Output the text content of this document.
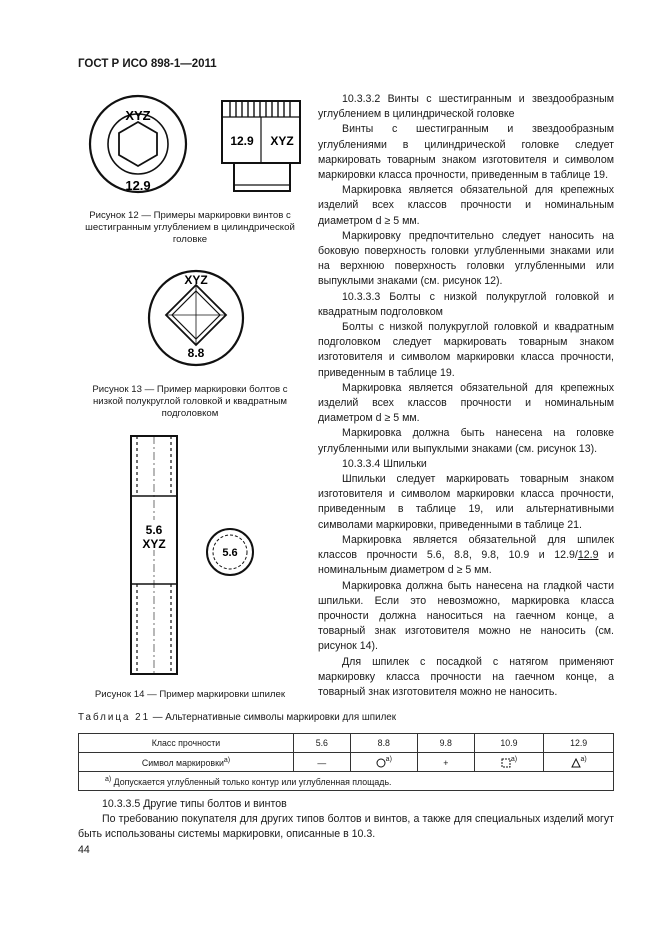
ГОСТ Р ИСО 898-1—2011
XYZ
12.9
12.9 XYZ
Рисунок 12 — Примеры маркировки винтов с шестигранным углублением в цилиндрической головке
XYZ
8.8
Рисунок 13 — Пример маркировки болтов с низкой полукруглой головкой и квадратным подголовком
5.6
XYZ
5.6
Рисунок 14 — Пример маркировки шпилек

10.3.3.2 Винты с шестигранным и звездообразным углублением в цилиндрической головке

Винты с шестигранным и звездообразным углублениями в цилиндрической головке следует маркировать товарным знаком изготовителя и символом маркировки класса прочности, приведенным в таблице 19.

Маркировка является обязательной для крепежных изделий всех классов прочности и номинальным диаметром d ≥ 5 мм.

Маркировку предпочтительно следует наносить на боковую поверхность головки углубленными знаками или на верхнюю поверхность головки углубленными или выпуклыми знаками (см. рисунок 12).

10.3.3.3 Болты с низкой полукруглой головкой и квадратным подголовком

Болты с низкой полукруглой головкой и квадратным подголовком следует маркировать товарным знаком изготовителя и символом маркировки класса прочности, приведенным в таблице 19.

Маркировка является обязательной для крепежных изделий всех классов прочности и номинальным диаметром d ≥ 5 мм.

Маркировка должна быть нанесена на головке углубленными или выпуклыми знаками (см. рисунок 13).

10.3.3.4 Шпильки

Шпильки следует маркировать товарным знаком изготовителя и символом маркировки класса прочности, приведенным в таблице 19, или альтернативными символами маркировки, приведенными в таблице 21.

Маркировка является обязательной для шпилек классов прочности 5.6, 8.8, 9.8, 10.9 и 12.9/12.9 и номинальным диаметром d ≥ 5 мм.

Маркировка должна быть нанесена на гладкой части шпильки. Если это невозможно, маркировка класса прочности должна наноситься на гаечном конце, а товарный знак изготовителя можно не наносить (см. рисунок 14).

Для шпилек с посадкой с натягом применяют маркировку класса прочности на гаечном конце, а товарный знак изготовителя можно не наносить.

Таблица 21 — Альтернативные символы маркировки для шпилек
Класс прочности	5.6	8.8	9.8	10.9	12.9
Символ маркировки$^{a)}$	—	$^{a)}$	+	$^{a)}$	$^{a)}$
$^{a)}$ Допускается углубленный только контур или углубленная площадь.					

10.3.3.5 Другие типы болтов и винтов

По требованию покупателя для других типов болтов и винтов, а также для специальных изделий могут быть использованы системы маркировки, описанные в 10.3.

44
